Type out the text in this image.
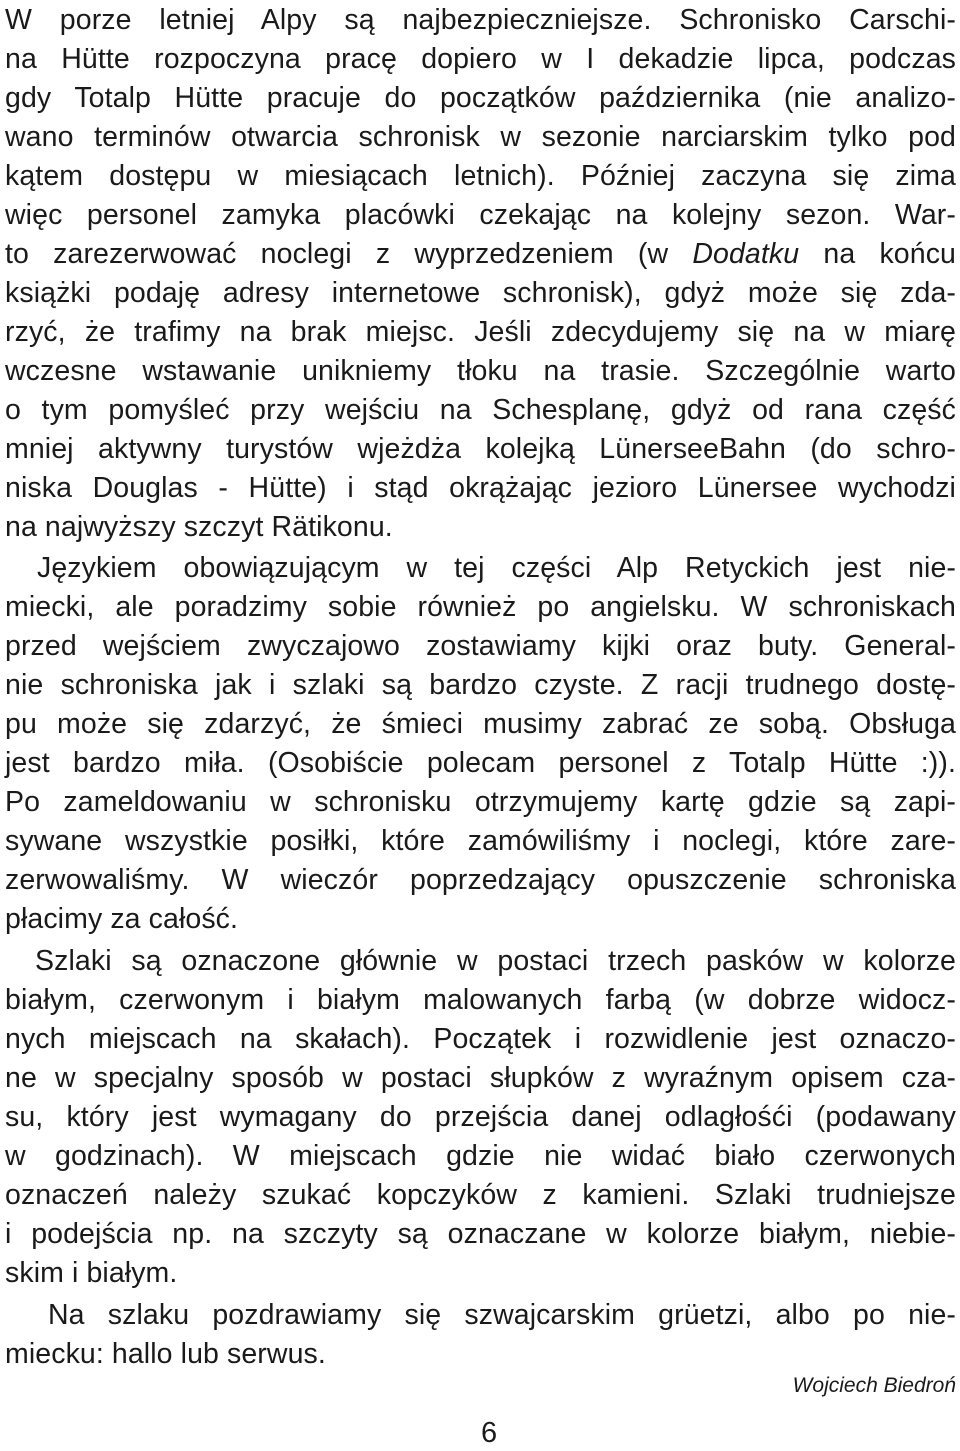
W porze letniej Alpy są najbezpieczniejsze. Schronisko Carschi-
na Hütte rozpoczyna pracę dopiero w I dekadzie lipca, podczas
gdy Totalp Hütte pracuje do początków października (nie analizo-
wano terminów otwarcia schronisk w sezonie narciarskim tylko pod
kątem dostępu w miesiącach letnich). Później zaczyna się zima
więc personel zamyka placówki czekając na kolejny sezon. War-
to zarezerwować noclegi z wyprzedzeniem (w Dodatku na końcu
książki podaję adresy internetowe schronisk), gdyż może się zda-
rzyć, że trafimy na brak miejsc. Jeśli zdecydujemy się na w miarę
wczesne wstawanie unikniemy tłoku na trasie. Szczególnie warto
o tym pomyśleć przy wejściu na Schesplanę, gdyż od rana część
mniej aktywny turystów wjeżdża kolejką LünerseeBahn (do schro-
niska Douglas - Hütte) i stąd okrążając jezioro Lünersee wychodzi
na najwyższy szczyt Rätikonu.
Językiem obowiązującym w tej części Alp Retyckich jest nie-
miecki, ale poradzimy sobie również po angielsku. W schroniskach
przed wejściem zwyczajowo zostawiamy kijki oraz buty. General-
nie schroniska jak i szlaki są bardzo czyste. Z racji trudnego dostę-
pu może się zdarzyć, że śmieci musimy zabrać ze sobą. Obsługa
jest bardzo miła. (Osobiście polecam personel z Totalp Hütte :)).
Po zameldowaniu w schronisku otrzymujemy kartę gdzie są zapi-
sywane wszystkie posiłki, które zamówiliśmy i noclegi, które zare-
zerwowaliśmy. W wieczór poprzedzający opuszczenie schroniska
płacimy za całość.
Szlaki są oznaczone głównie w postaci trzech pasków w kolorze
białym, czerwonym i białym malowanych farbą (w dobrze widocz-
nych miejscach na skałach). Początek i rozwidlenie jest oznaczo-
ne w specjalny sposób w postaci słupków z wyraźnym opisem cza-
su, który jest wymagany do przejścia danej odlagłośći (podawany
w godzinach). W miejscach gdzie nie widać biało czerwonych
oznaczeń należy szukać kopczyków z kamieni. Szlaki trudniejsze
i podejścia np. na szczyty są oznaczane w kolorze białym, niebie-
skim i białym.
Na szlaku pozdrawiamy się szwajcarskim grüetzi, albo po nie-
miecku: hallo lub serwus.
Wojciech Biedroń
6
